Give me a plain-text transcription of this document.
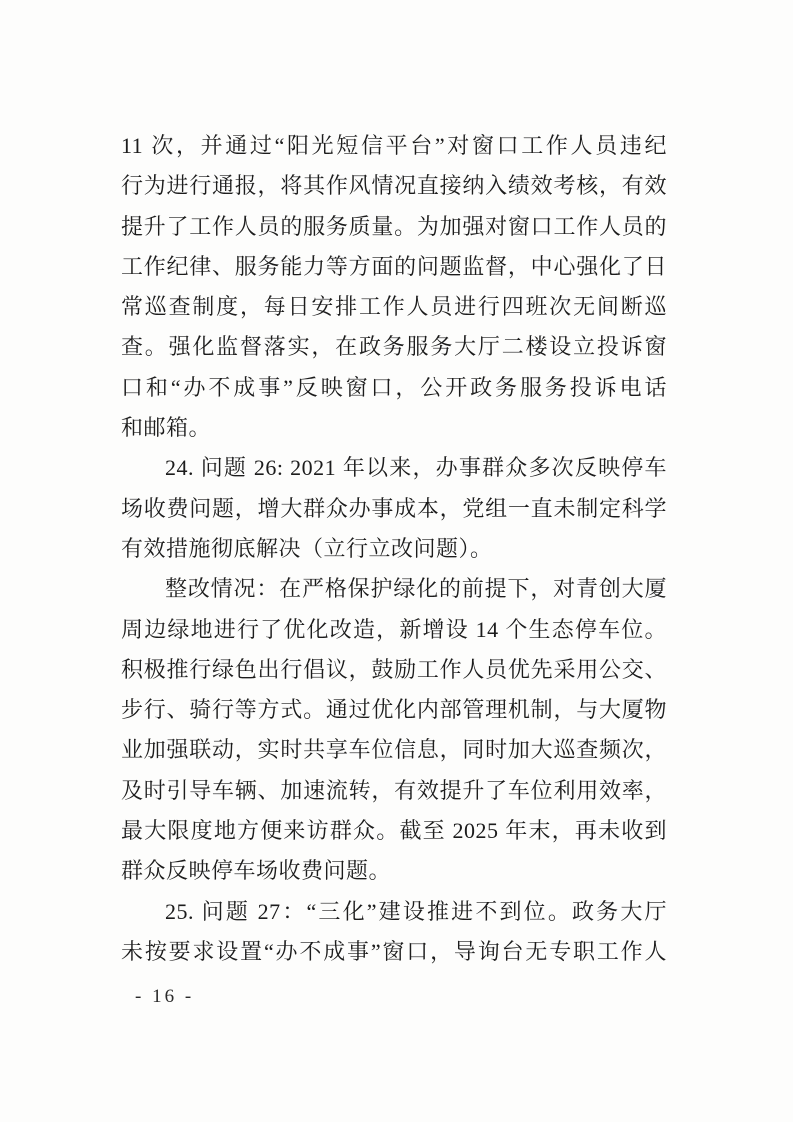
11 次，并通过“阳光短信平台”对窗口工作人员违纪
行为进行通报，将其作风情况直接纳入绩效考核，有效
提升了工作人员的服务质量。为加强对窗口工作人员的
工作纪律、服务能力等方面的问题监督，中心强化了日
常巡查制度，每日安排工作人员进行四班次无间断巡
查。强化监督落实，在政务服务大厅二楼设立投诉窗
口和“办不成事”反映窗口，公开政务服务投诉电话
和邮箱。
24. 问题 26: 2021 年以来，办事群众多次反映停车
场收费问题，增大群众办事成本，党组一直未制定科学
有效措施彻底解决（立行立改问题）。
整改情况：在严格保护绿化的前提下，对青创大厦
周边绿地进行了优化改造，新增设 14 个生态停车位。
积极推行绿色出行倡议，鼓励工作人员优先采用公交、
步行、骑行等方式。通过优化内部管理机制，与大厦物
业加强联动，实时共享车位信息，同时加大巡查频次，
及时引导车辆、加速流转，有效提升了车位利用效率，
最大限度地方便来访群众。截至 2025 年末，再未收到
群众反映停车场收费问题。
25. 问题 27：“三化”建设推进不到位。政务大厅
未按要求设置“办不成事”窗口，导询台无专职工作人
- 16 -
